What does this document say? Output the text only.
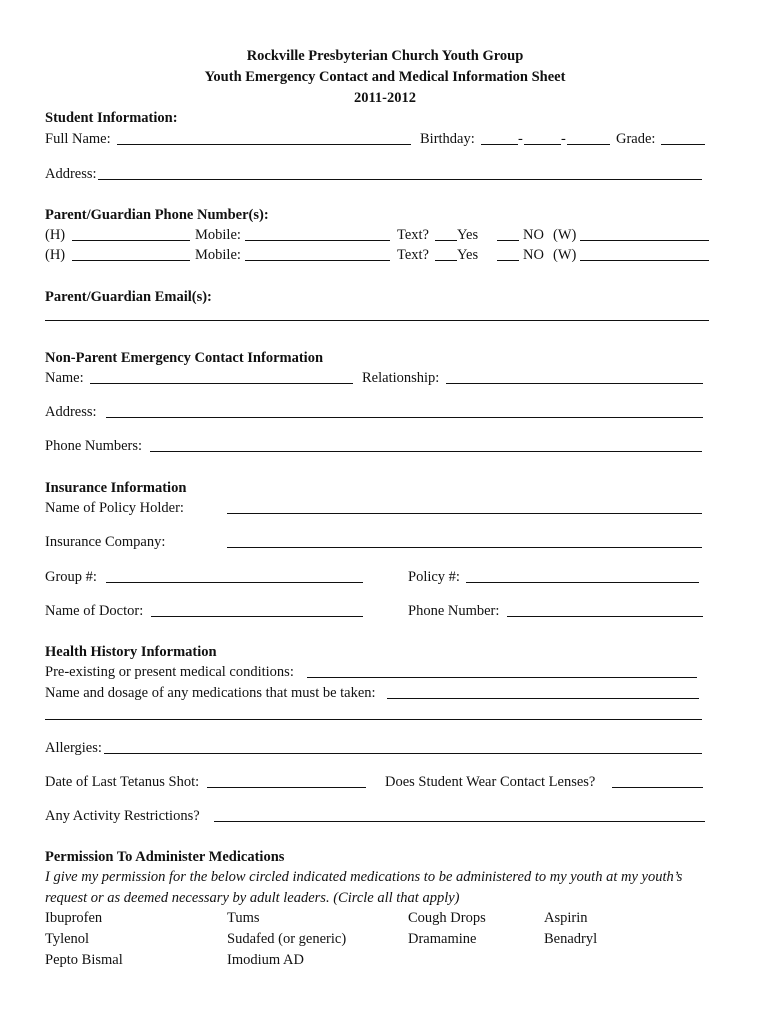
Rockville Presbyterian Church Youth Group
Youth Emergency Contact and Medical Information Sheet
2011-2012
Student Information:
Full Name:	Birthday:	-	-	Grade:
Address:
Parent/Guardian Phone Number(s):
(H)	Mobile:	Text? Yes	NO (W)
(H)	Mobile:	Text? Yes	NO (W)
Parent/Guardian Email(s):
Non-Parent Emergency Contact Information
Name:	Relationship:
Address:
Phone Numbers:
Insurance Information
Name of Policy Holder:
Insurance Company:
Group #:	Policy #:
Name of Doctor:	Phone Number:
Health History Information
Pre-existing or present medical conditions:
Name and dosage of any medications that must be taken:
Allergies:
Date of Last Tetanus Shot:	Does Student Wear Contact Lenses?
Any Activity Restrictions?
Permission To Administer Medications
I give my permission for the below circled indicated medications to be administered to my youth at my youth’s
request or as deemed necessary by adult leaders. (Circle all that apply)
Ibuprofen	Tums	Cough Drops	Aspirin
Tylenol	Sudafed (or generic)	Dramamine	Benadryl
Pepto Bismal	Imodium AD
